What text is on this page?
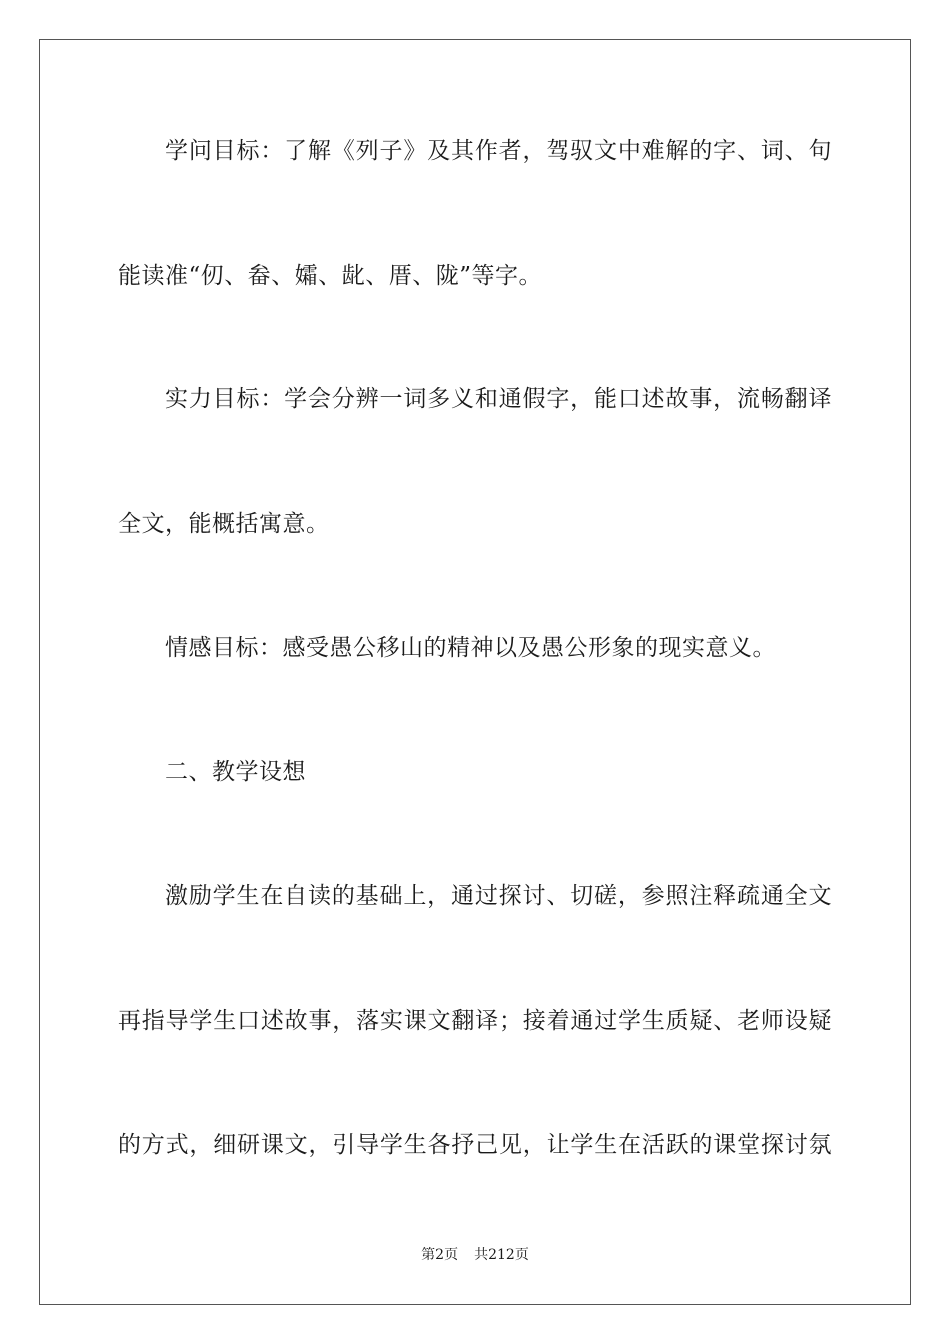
学问目标：了解《列子》及其作者，驾驭文中难解的字、词、句
能读准“仞、畚、孀、龀、厝、陇”等字。
实力目标：学会分辨一词多义和通假字，能口述故事，流畅翻译
全文，能概括寓意。
情感目标：感受愚公移山的精神以及愚公形象的现实意义。
二、教学设想
激励学生在自读的基础上，通过探讨、切磋，参照注释疏通全文
再指导学生口述故事，落实课文翻译；接着通过学生质疑、老师设疑
的方式，细研课文，引导学生各抒己见，让学生在活跃的课堂探讨氛
第2页 共212页
